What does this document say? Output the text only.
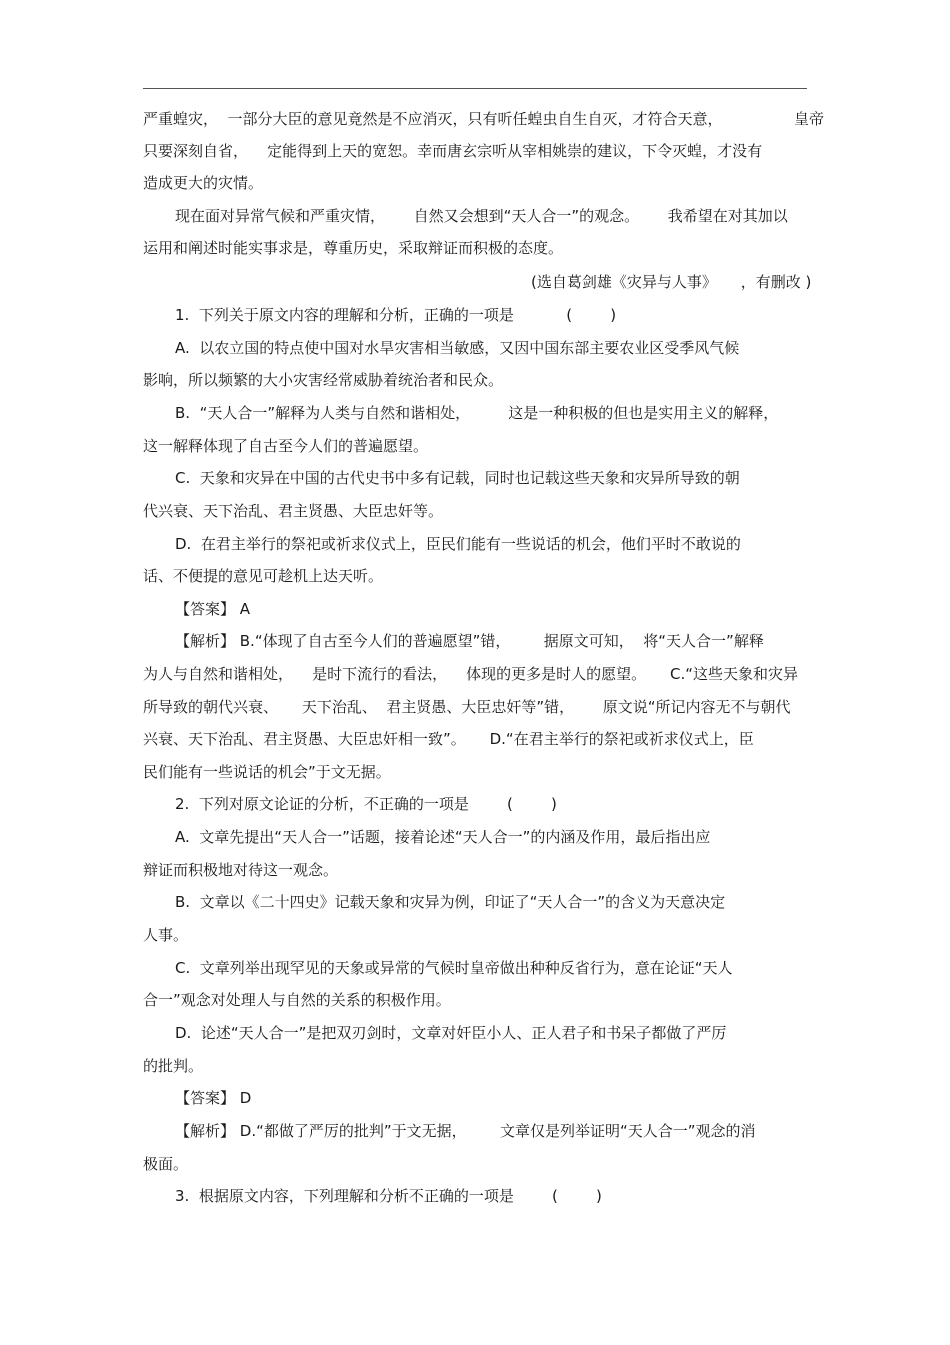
严重蝗灾，  一部分大臣的意见竟然是不应消灭，只有听任蝗虫自生自灭，才符合天意，               皇帝
只要深刻自省，    定能得到上天的宽恕。幸而唐玄宗听从宰相姚崇的建议，下令灭蝗，才没有
造成更大的灾情。
现在面对异常气候和严重灾情，      自然又会想到“天人合一”的观念。      我希望在对其加以
运用和阐述时能实事求是，尊重历史，采取辩证而积极的态度。
(选自葛剑雄《灾异与人事》     ，有删改 )
1.  下列关于原文内容的理解和分析，正确的一项是           (        )
A.  以农立国的特点使中国对水旱灾害相当敏感，又因中国东部主要农业区受季风气候
影响，所以频繁的大小灾害经常威胁着统治者和民众。
B.  “天人合一”解释为人类与自然和谐相处，        这是一种积极的但也是实用主义的解释，
这一解释体现了自古至今人们的普遍愿望。
C.  天象和灾异在中国的古代史书中多有记载，同时也记载这些天象和灾异所导致的朝
代兴衰、天下治乱、君主贤愚、大臣忠奸等。
D.  在君主举行的祭祀或祈求仪式上，臣民们能有一些说话的机会，他们平时不敢说的
话、不便提的意见可趁机上达天听。
【答案】 A
【解析】 B.“体现了自古至今人们的普遍愿望”错，       据原文可知，  将“天人合一”解释
为人与自然和谐相处，    是时下流行的看法，    体现的更多是时人的愿望。     C.“这些天象和灾异
所导致的朝代兴衰、     天下治乱、  君主贤愚、大臣忠奸等”错，      原文说“所记内容无不与朝代
兴衰、天下治乱、君主贤愚、大臣忠奸相一致”。     D.“在君主举行的祭祀或祈求仪式上，臣
民们能有一些说话的机会”于文无据。
2.  下列对原文论证的分析，不正确的一项是        (        )
A.  文章先提出“天人合一”话题，接着论述“天人合一”的内涵及作用，最后指出应
辩证而积极地对待这一观念。
B.  文章以《二十四史》记载天象和灾异为例，印证了“天人合一”的含义为天意决定
人事。
C.  文章列举出现罕见的天象或异常的气候时皇帝做出种种反省行为，意在论证“天人
合一”观念对处理人与自然的关系的积极作用。
D.  论述“天人合一”是把双刃剑时，文章对奸臣小人、正人君子和书呆子都做了严厉
的批判。
【答案】 D
【解析】 D.“都做了严厉的批判”于文无据，       文章仅是列举证明“天人合一”观念的消
极面。
3.  根据原文内容，下列理解和分析不正确的一项是        (        )
